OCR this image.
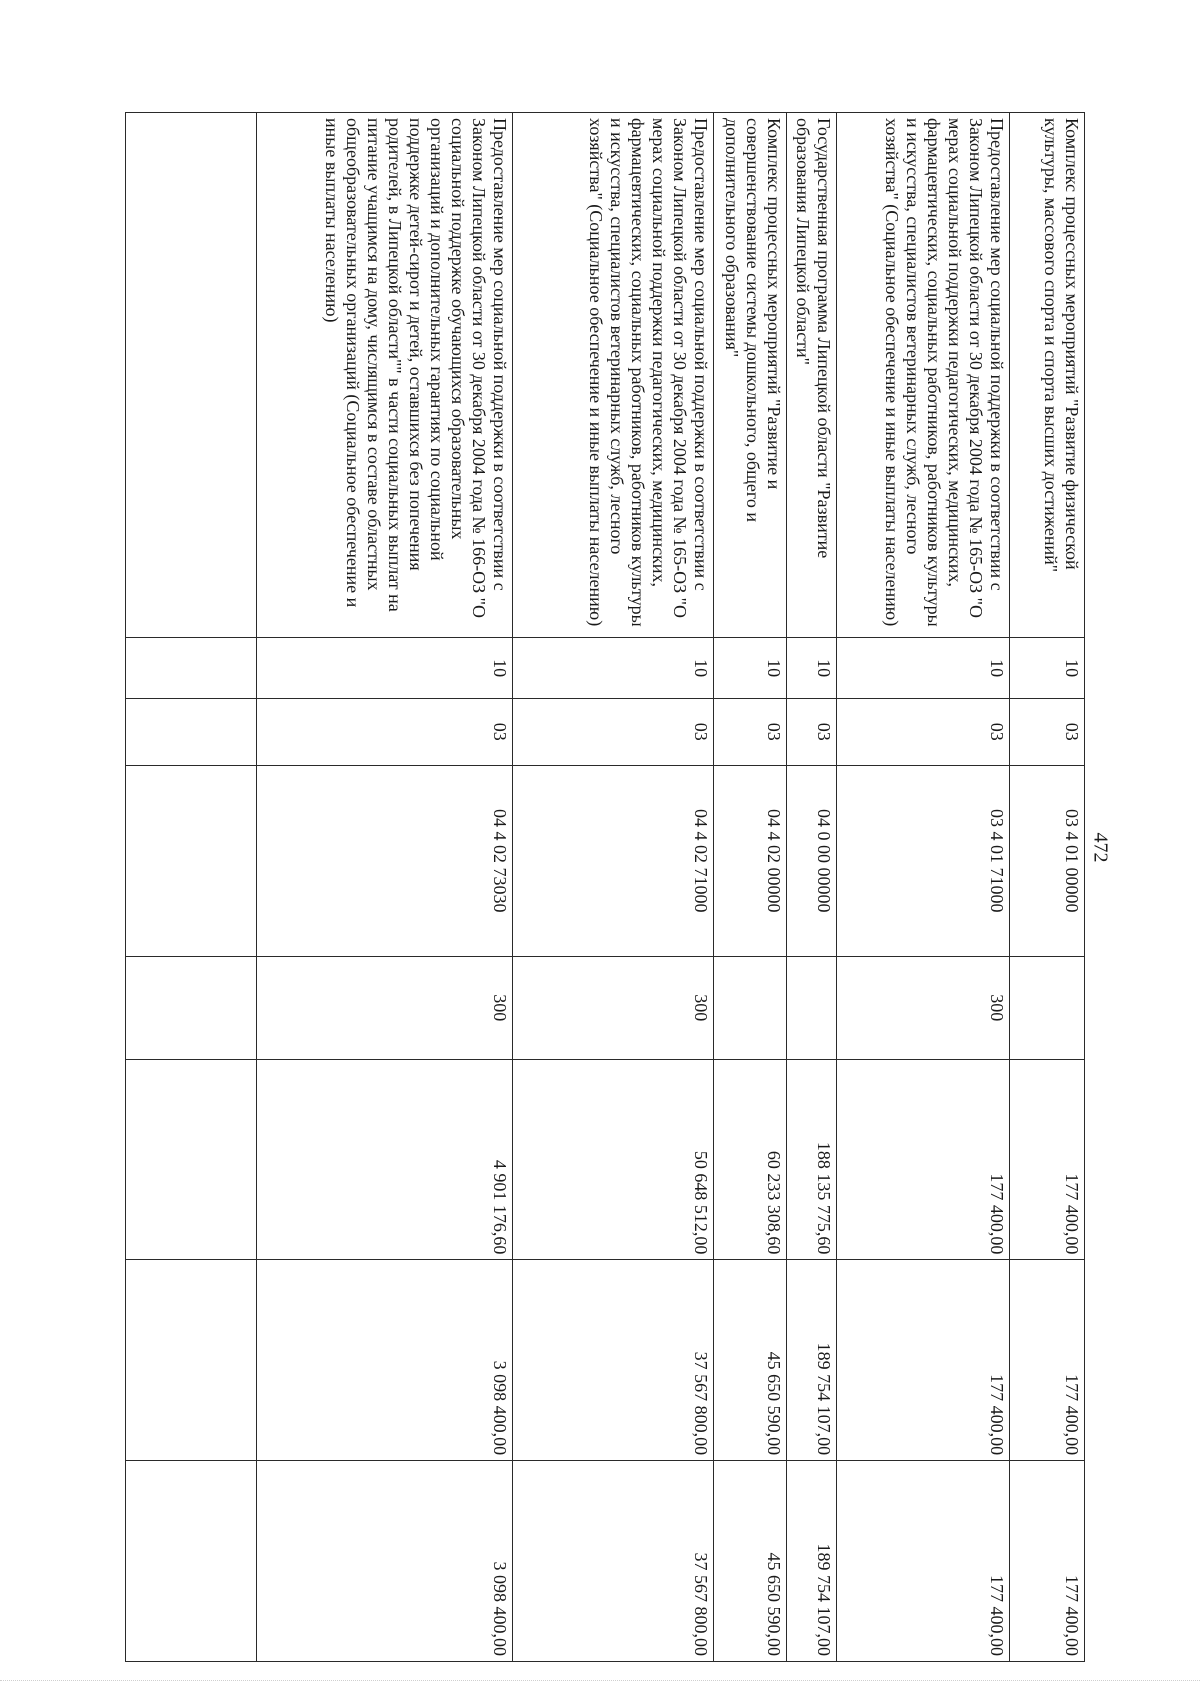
472
Комплекс процессных мероприятий "Развитие физической культуры, массового спорта и спорта высших достижений"	10	03	03 4 01 00000		177 400,00	177 400,00	177 400,00
Предоставление мер социальной поддержки в соответствии с Законом Липецкой области от 30 декабря 2004 года № 165-ОЗ "О мерах социальной поддержки педагогических, медицинских, фармацевтических, социальных работников, работников культуры и искусства, специалистов ветеринарных служб, лесного хозяйства" (Социальное обеспечение и иные выплаты населению)	10	03	03 4 01 71000	300	177 400,00	177 400,00	177 400,00
Государственная программа Липецкой области "Развитие образования Липецкой области"	10	03	04 0 00 00000		188 135 775,60	189 754 107,00	189 754 107,00
Комплекс процессных мероприятий "Развитие и совершенствование системы дошкольного, общего и дополнительного образования"	10	03	04 4 02 00000		60 233 308,60	45 650 590,00	45 650 590,00
Предоставление мер социальной поддержки в соответствии с Законом Липецкой области от 30 декабря 2004 года № 165-ОЗ "О мерах социальной поддержки педагогических, медицинских, фармацевтических, социальных работников, работников культуры и искусства, специалистов ветеринарных служб, лесного хозяйства" (Социальное обеспечение и иные выплаты населению)	10	03	04 4 02 71000	300	50 648 512,00	37 567 800,00	37 567 800,00
Предоставление мер социальной поддержки в соответствии с Законом Липецкой области от 30 декабря 2004 года № 166-ОЗ "О социальной поддержке обучающихся образовательных организаций и дополнительных гарантиях по социальной поддержке детей-сирот и детей, оставшихся без попечения родителей, в Липецкой области"" в части социальных выплат на питание учащимся на дому, числящимся в составе областных общеобразовательных организаций (Социальное обеспечение и иные выплаты населению)	10	03	04 4 02 73030	300	4 901 176,60	3 098 400,00	3 098 400,00
